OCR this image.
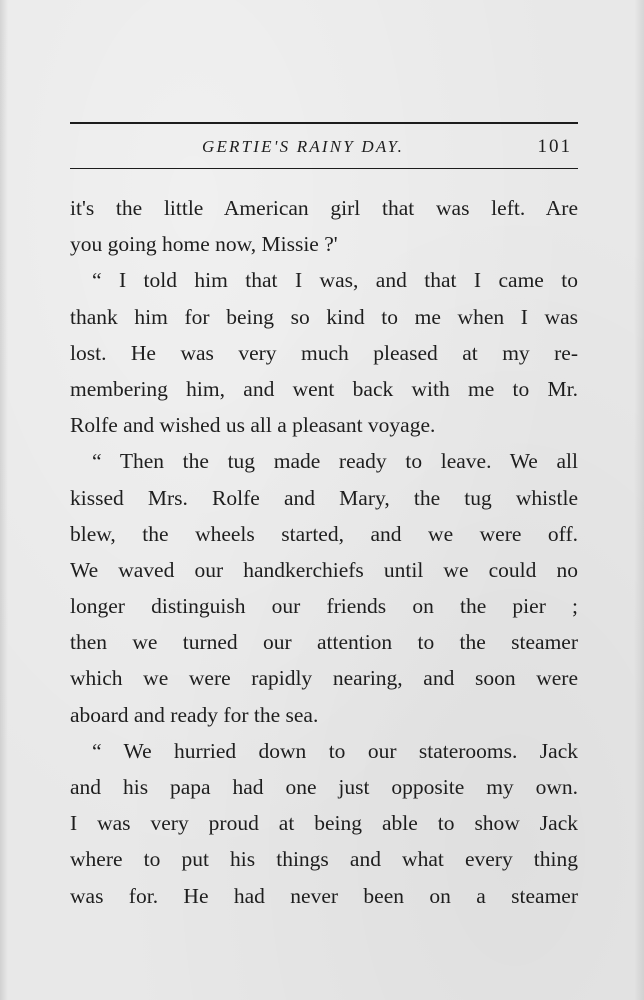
GERTIE'S RAINY DAY.	101
it's the little American girl that was left. Are
you going home now, Missie ?'
“ I told him that I was, and that I came to
thank him for being so kind to me when I was
lost. He was very much pleased at my re-
membering him, and went back with me to Mr.
Rolfe and wished us all a pleasant voyage.
“ Then the tug made ready to leave. We all
kissed Mrs. Rolfe and Mary, the tug whistle
blew, the wheels started, and we were off.
We waved our handkerchiefs until we could no
longer distinguish our friends on the pier ;
then we turned our attention to the steamer
which we were rapidly nearing, and soon were
aboard and ready for the sea.
“ We hurried down to our staterooms. Jack
and his papa had one just opposite my own.
I was very proud at being able to show Jack
where to put his things and what every thing
was for. He had never been on a steamer
